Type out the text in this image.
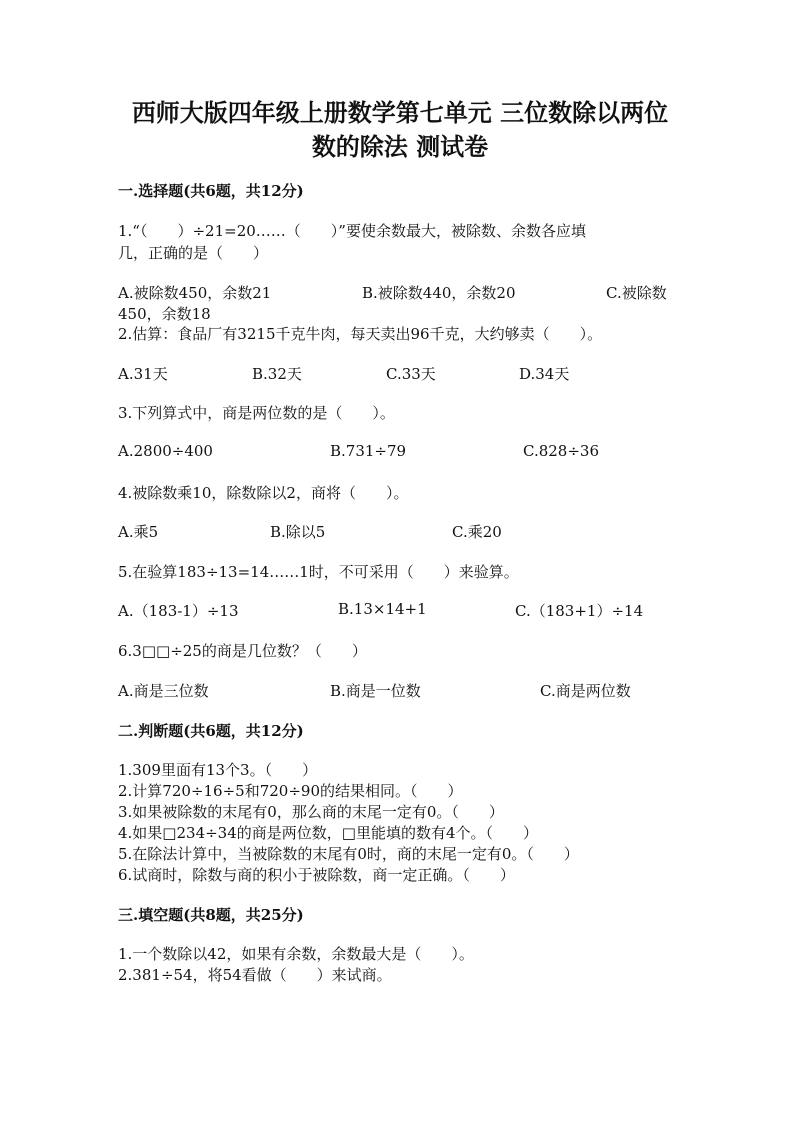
西师大版四年级上册数学第七单元 三位数除以两位
数的除法 测试卷
一.选择题(共6题，共12分)
1.“（　　）÷21=20……（　　）”要使余数最大，被除数、余数各应填
几，正确的是（　　）
A.被除数450，余数21	B.被除数440，余数20	C.被除数
450，余数18
2.估算：食品厂有3215千克牛肉，每天卖出96千克，大约够卖（　　）。
A.31天	B.32天	C.33天	D.34天
3.下列算式中，商是两位数的是（　　）。
A.2800÷400	B.731÷79	C.828÷36
4.被除数乘10，除数除以2，商将（　　）。
A.乘5	B.除以5	C.乘20
5.在验算183÷13=14……1时，不可采用（　　）来验算。
A.（183-1）÷13	B.13×14+1	C.（183+1）÷14
6.3□□÷25的商是几位数？（　　）
A.商是三位数	B.商是一位数	C.商是两位数
二.判断题(共6题，共12分)
1.309里面有13个3。（　　）
2.计算720÷16÷5和720÷90的结果相同。（　　）
3.如果被除数的末尾有0，那么商的末尾一定有0。（　　）
4.如果□234÷34的商是两位数，□里能填的数有4个。（　　）
5.在除法计算中，当被除数的末尾有0时，商的末尾一定有0。（　　）
6.试商时，除数与商的积小于被除数，商一定正确。（　　）
三.填空题(共8题，共25分)
1.一个数除以42，如果有余数，余数最大是（　　）。
2.381÷54，将54看做（　　）来试商。
